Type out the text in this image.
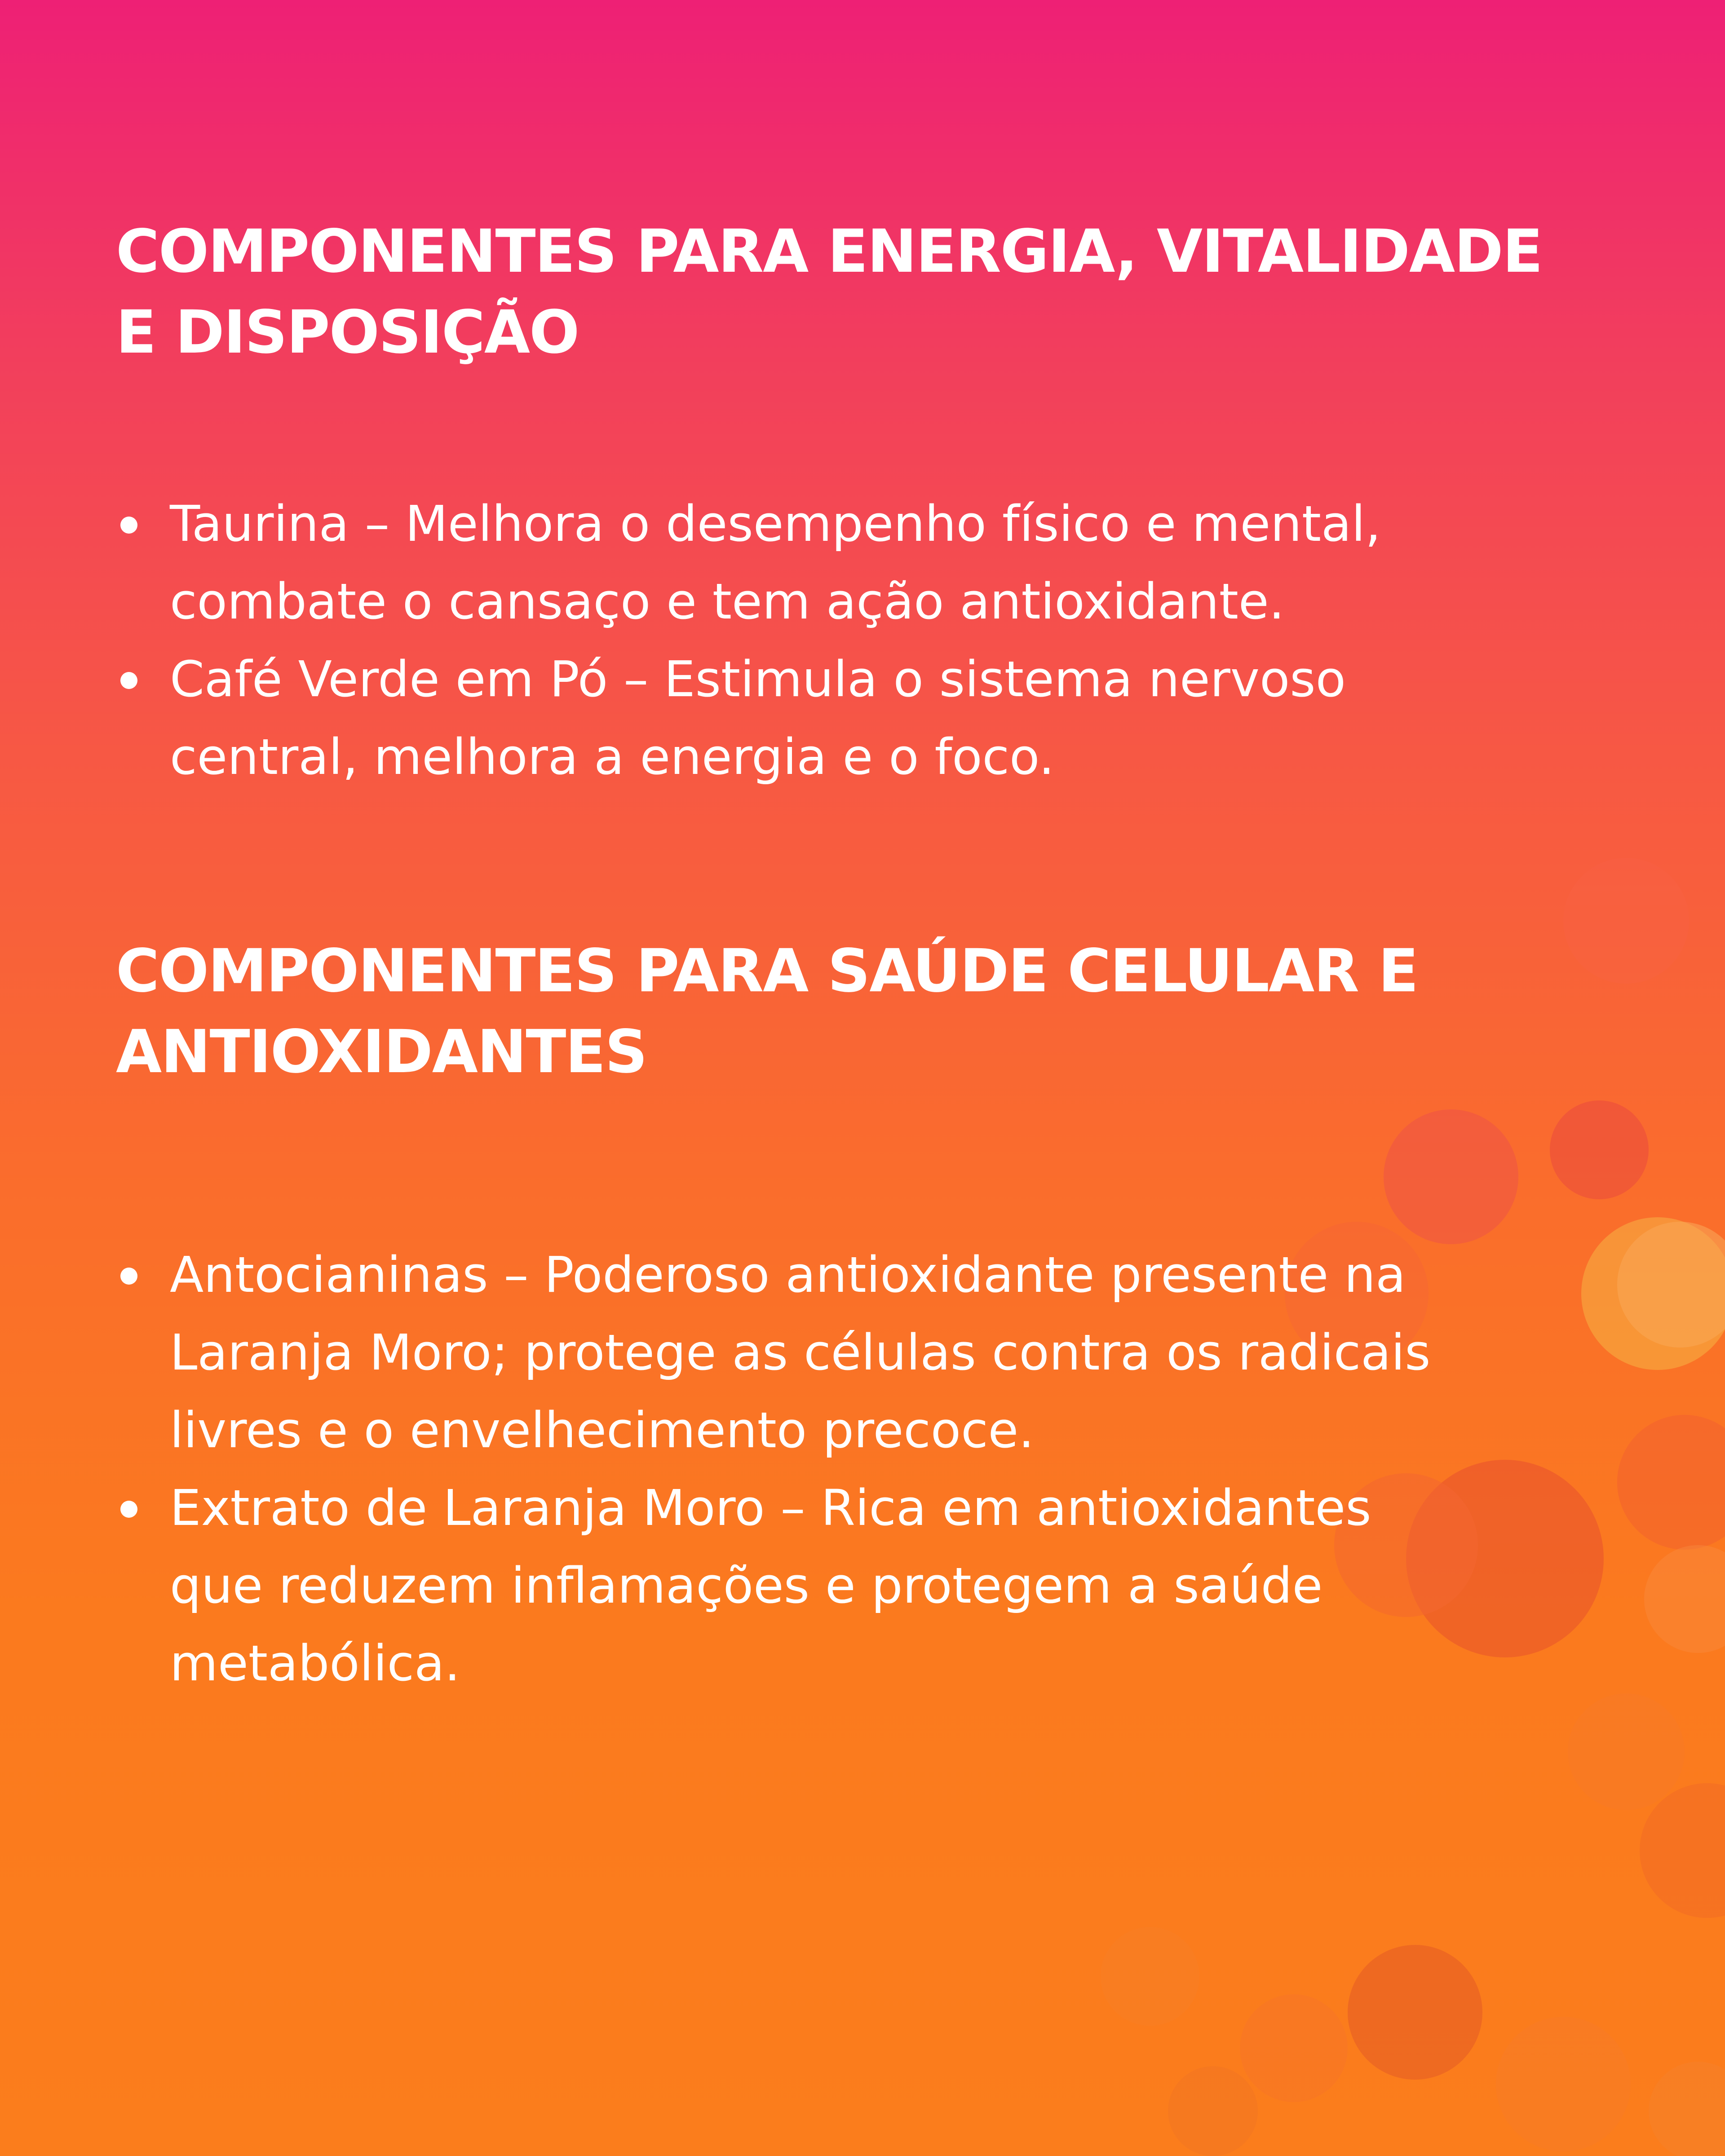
COMPONENTES PARA ENERGIA, VITALIDADE E DISPOSIÇÃO
Taurina – Melhora o desempenho físico e mental, combate o cansaço e tem ação antioxidante.
Café Verde em Pó – Estimula o sistema nervoso central, melhora a energia e o foco.
COMPONENTES PARA SAÚDE CELULAR E ANTIOXIDANTES
Antocianinas – Poderoso antioxidante presente na Laranja Moro; protege as células contra os radicais livres e o envelhecimento precoce.
Extrato de Laranja Moro – Rica em antioxidantes que reduzem inflamações e protegem a saúde metabólica.
